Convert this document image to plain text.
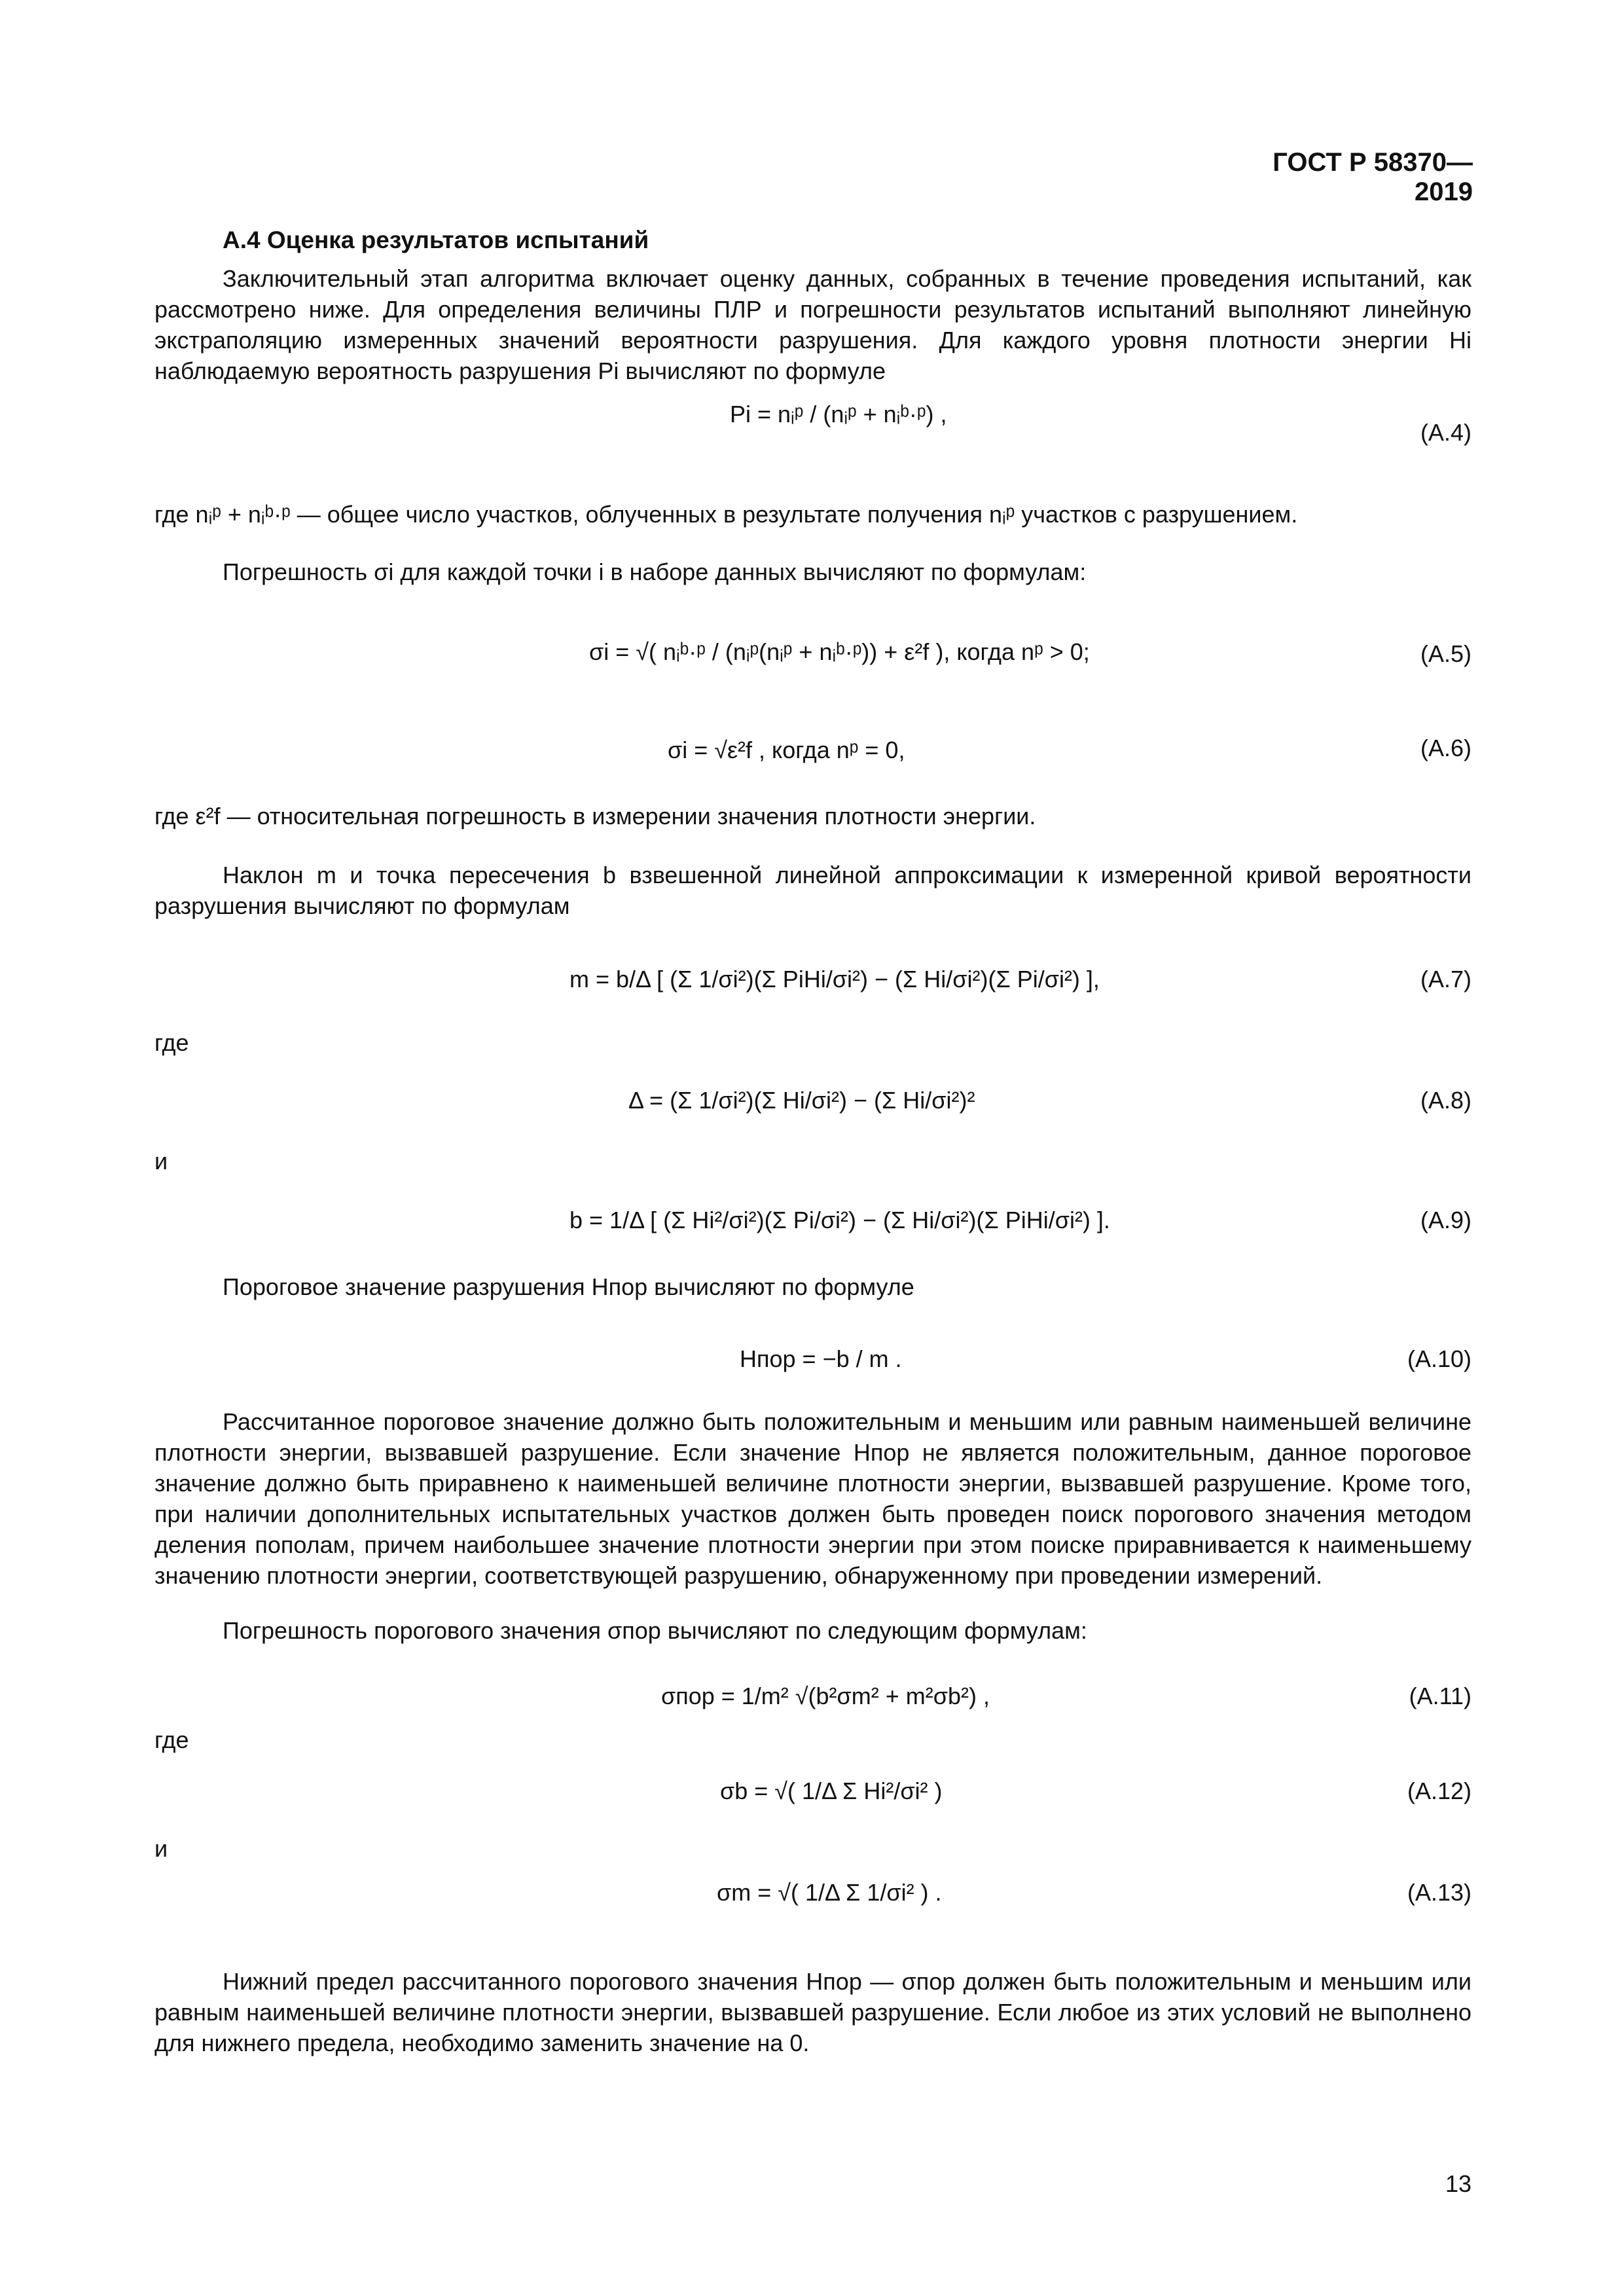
ГОСТ Р 58370—2019
А.4 Оценка результатов испытаний

Заключительный этап алгоритма включает оценку данных, собранных в течение проведения испытаний, как рассмотрено ниже. Для определения величины ПЛР и погрешности результатов испытаний выполняют линейную экстраполяцию измеренных значений вероятности разрушения. Для каждого уровня плотности энергии Hi наблюдаемую вероятность разрушения Pi вычисляют по формуле

Pi = nᵢᵖ / (nᵢᵖ + nᵢᵇ·ᵖ) ,
(А.4)
где nᵢᵖ + nᵢᵇ·ᵖ — общее число участков, облученных в результате получения nᵢᵖ участков с разрушением.
Погрешность σi для каждой точки i в наборе данных вычисляют по формулам:
σi = √( nᵢᵇ·ᵖ / (nᵢᵖ(nᵢᵖ + nᵢᵇ·ᵖ)) + ε²f ), когда nᵖ > 0;	(А.5)
σi = √ε²f , когда nᵖ = 0,	(А.6)
где ε²f — относительная погрешность в измерении значения плотности энергии.

Наклон m и точка пересечения b взвешенной линейной аппроксимации к измеренной кривой вероятности разрушения вычисляют по формулам

m = b/Δ [ (Σ 1/σi²)(Σ PiHi/σi²) − (Σ Hi/σi²)(Σ Pi/σi²) ],	(А.7)
где
Δ = (Σ 1/σi²)(Σ Hi/σi²) − (Σ Hi/σi²)²	(А.8)
и
b = 1/Δ [ (Σ Hi²/σi²)(Σ Pi/σi²) − (Σ Hi/σi²)(Σ PiHi/σi²) ].	(А.9)
Пороговое значение разрушения Hпор вычисляют по формуле
Hпор = −b / m .	(А.10)

Рассчитанное пороговое значение должно быть положительным и меньшим или равным наименьшей величине плотности энергии, вызвавшей разрушение. Если значение Hпор не является положительным, данное пороговое значение должно быть приравнено к наименьшей величине плотности энергии, вызвавшей разрушение. Кроме того, при наличии дополнительных испытательных участков должен быть проведен поиск порогового значения методом деления пополам, причем наибольшее значение плотности энергии при этом поиске приравнивается к наименьшему значению плотности энергии, соответствующей разрушению, обнаруженному при проведении измерений.

Погрешность порогового значения σпор вычисляют по следующим формулам:
σпор = 1/m² √(b²σm² + m²σb²) ,	(А.11)
где
σb = √( 1/Δ Σ Hi²/σi² )	(А.12)
и
σm = √( 1/Δ Σ 1/σi² ) .	(А.13)

Нижний предел рассчитанного порогового значения Hпор — σпор должен быть положительным и меньшим или равным наименьшей величине плотности энергии, вызвавшей разрушение. Если любое из этих условий не выполнено для нижнего предела, необходимо заменить значение на 0.

13
